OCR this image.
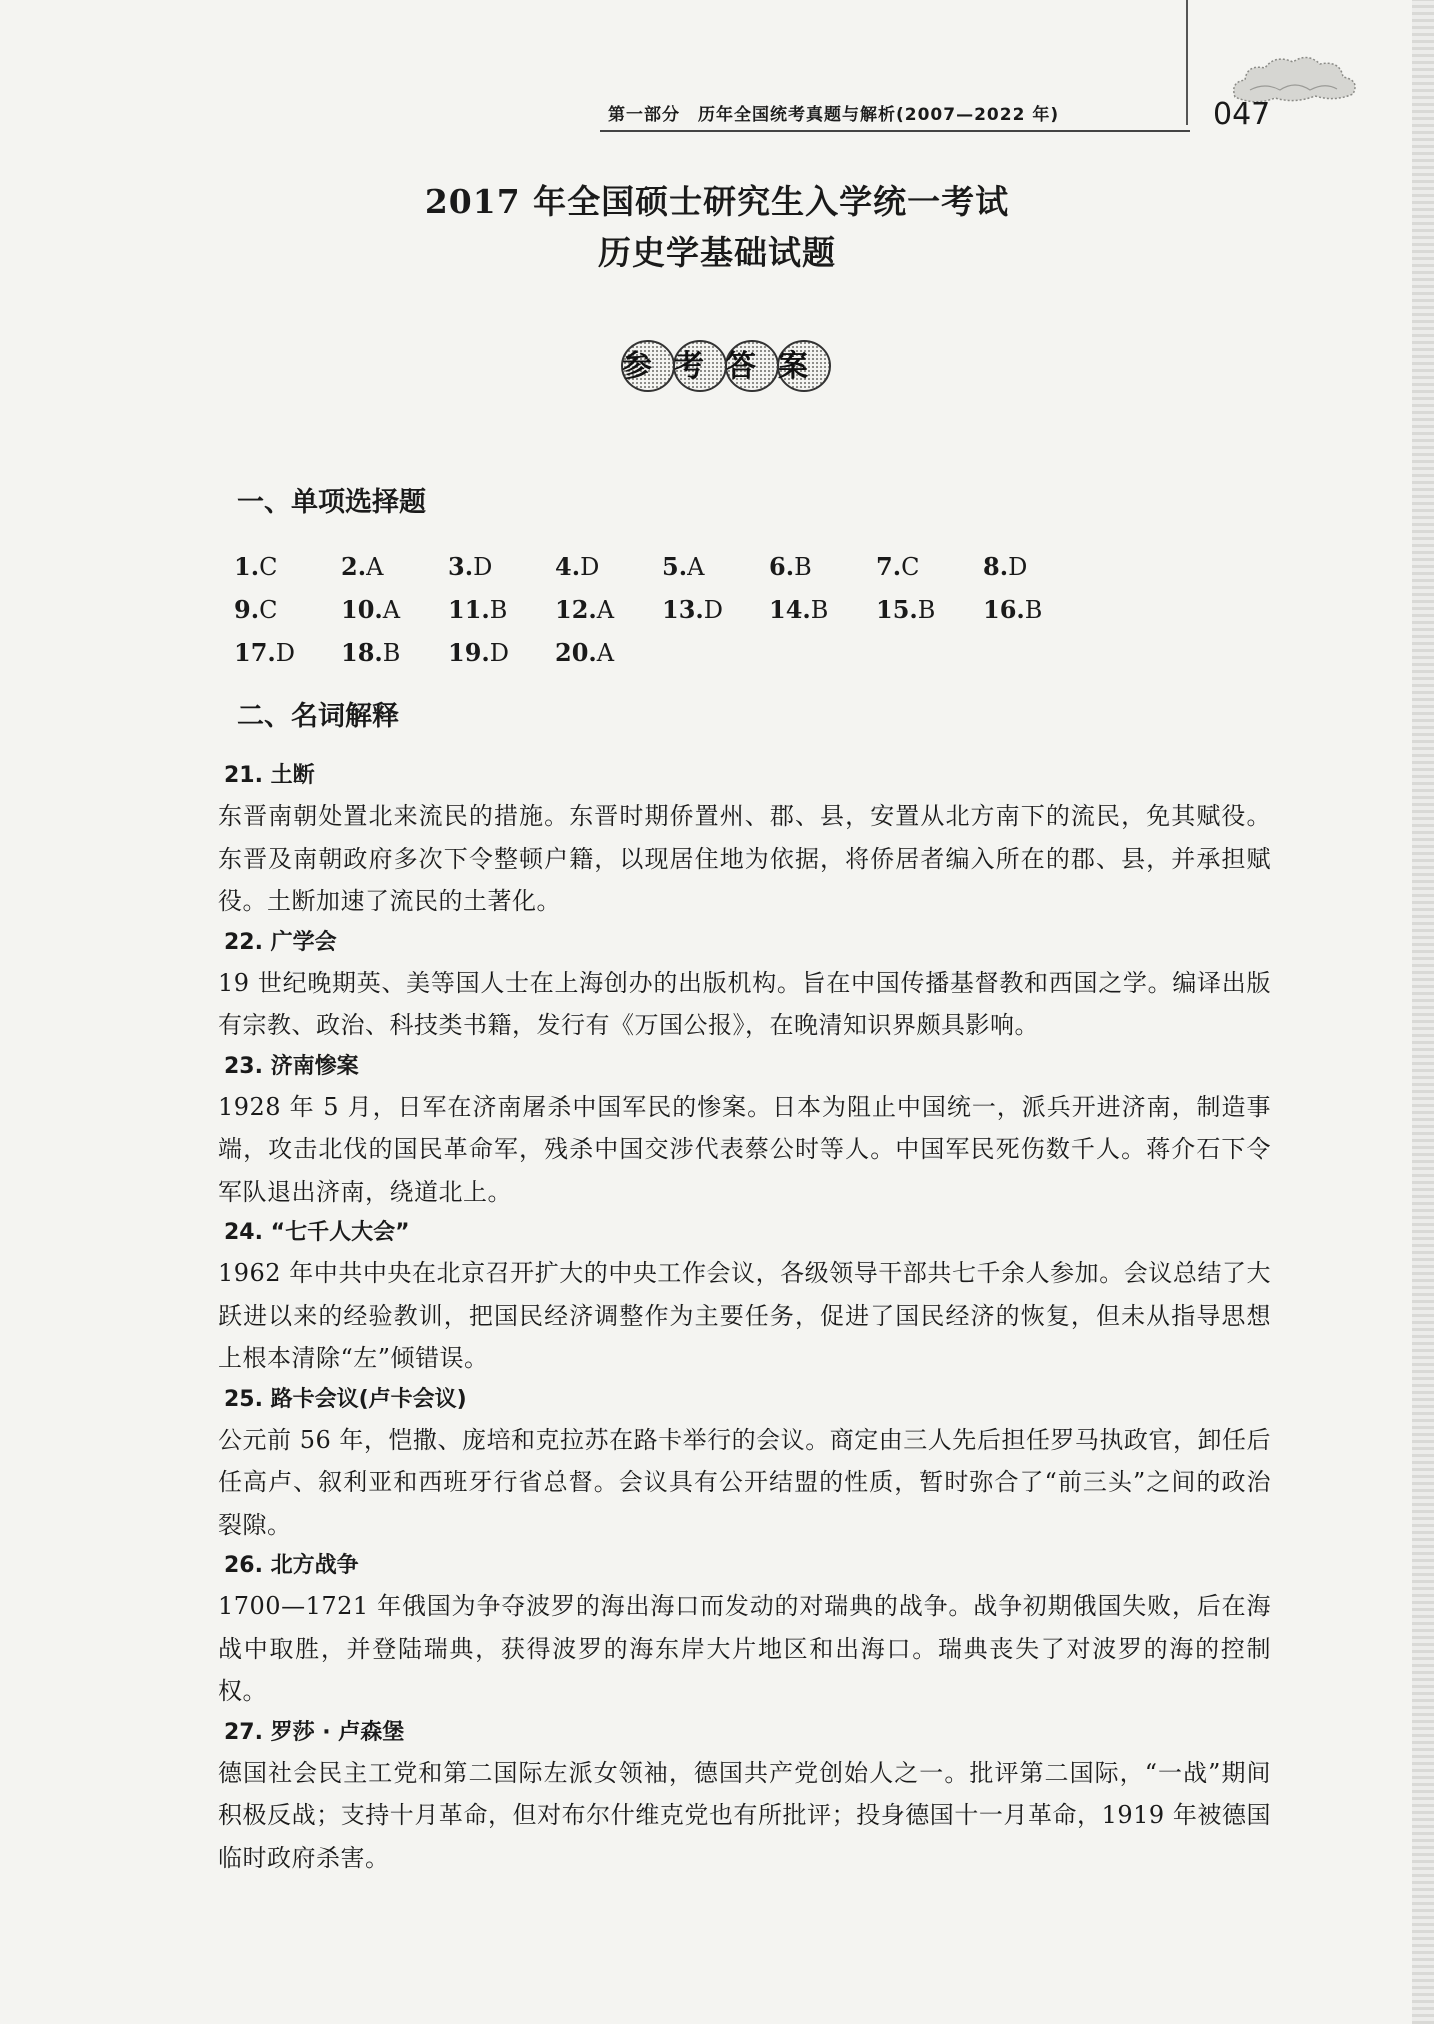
第一部分　历年全国统考真题与解析(2007—2022 年)	047
2017 年全国硕士研究生入学统一考试
历史学基础试题
参考答案
一、单项选择题
1.C	2.A	3.D	4.D	5.A	6.B	7.C	8.D
9.C	10.A	11.B	12.A	13.D	14.B	15.B	16.B
17.D	18.B	19.D	20.A
二、名词解释
21. 土断
东晋南朝处置北来流民的措施。东晋时期侨置州、郡、县，安置从北方南下的流民，免其赋役。东晋及南朝政府多次下令整顿户籍，以现居住地为依据，将侨居者编入所在的郡、县，并承担赋役。土断加速了流民的土著化。
22. 广学会
19 世纪晚期英、美等国人士在上海创办的出版机构。旨在中国传播基督教和西国之学。编译出版有宗教、政治、科技类书籍，发行有《万国公报》，在晚清知识界颇具影响。
23. 济南惨案
1928 年 5 月，日军在济南屠杀中国军民的惨案。日本为阻止中国统一，派兵开进济南，制造事端，攻击北伐的国民革命军，残杀中国交涉代表蔡公时等人。中国军民死伤数千人。蒋介石下令军队退出济南，绕道北上。
24. “七千人大会”
1962 年中共中央在北京召开扩大的中央工作会议，各级领导干部共七千余人参加。会议总结了大跃进以来的经验教训，把国民经济调整作为主要任务，促进了国民经济的恢复，但未从指导思想上根本清除“左”倾错误。
25. 路卡会议(卢卡会议)
公元前 56 年，恺撒、庞培和克拉苏在路卡举行的会议。商定由三人先后担任罗马执政官，卸任后任高卢、叙利亚和西班牙行省总督。会议具有公开结盟的性质，暂时弥合了“前三头”之间的政治裂隙。
26. 北方战争
1700—1721 年俄国为争夺波罗的海出海口而发动的对瑞典的战争。战争初期俄国失败，后在海战中取胜，并登陆瑞典，获得波罗的海东岸大片地区和出海口。瑞典丧失了对波罗的海的控制权。
27. 罗莎 · 卢森堡
德国社会民主工党和第二国际左派女领袖，德国共产党创始人之一。批评第二国际，“一战”期间积极反战；支持十月革命，但对布尔什维克党也有所批评；投身德国十一月革命，1919 年被德国临时政府杀害。
